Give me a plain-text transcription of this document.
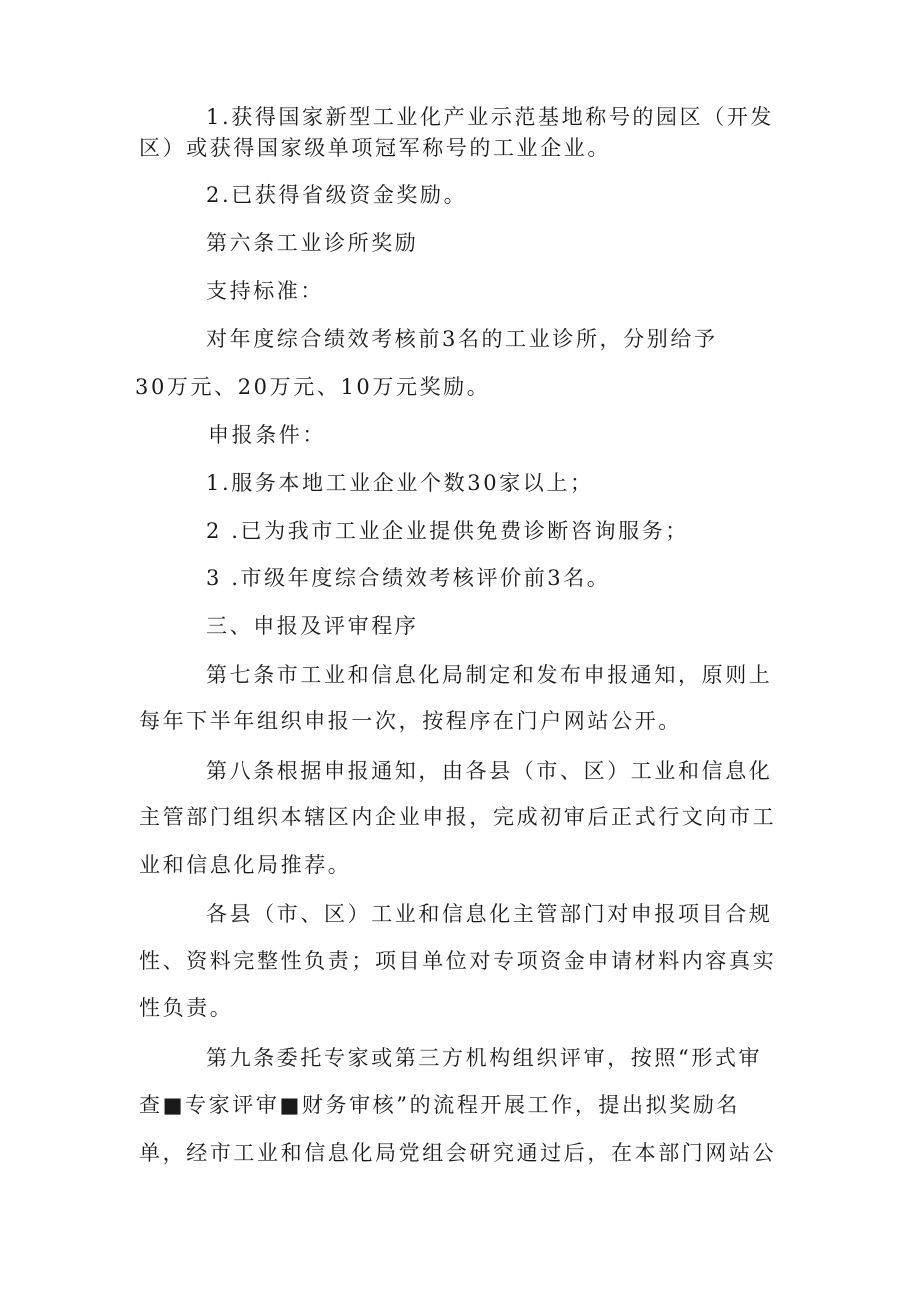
1.获得国家新型工业化产业示范基地称号的园区（开发
区）或获得国家级单项冠军称号的工业企业。
2.已获得省级资金奖励。
第六条工业诊所奖励
支持标准：
对年度综合绩效考核前3名的工业诊所，分别给予
30万元、20万元、10万元奖励。
申报条件：
1.服务本地工业企业个数30家以上；
2 .已为我市工业企业提供免费诊断咨询服务；
3 .市级年度综合绩效考核评价前3名。
三、申报及评审程序
第七条市工业和信息化局制定和发布申报通知，原则上
每年下半年组织申报一次，按程序在门户网站公开。
第八条根据申报通知，由各县（市、区）工业和信息化
主管部门组织本辖区内企业申报，完成初审后正式行文向市工
业和信息化局推荐。
各县（市、区）工业和信息化主管部门对申报项目合规
性、资料完整性负责；项目单位对专项资金申请材料内容真实
性负责。
第九条委托专家或第三方机构组织评审，按照“形式审
查■专家评审■财务审核”的流程开展工作，提出拟奖励名
单，经市工业和信息化局党组会研究通过后，在本部门网站公
